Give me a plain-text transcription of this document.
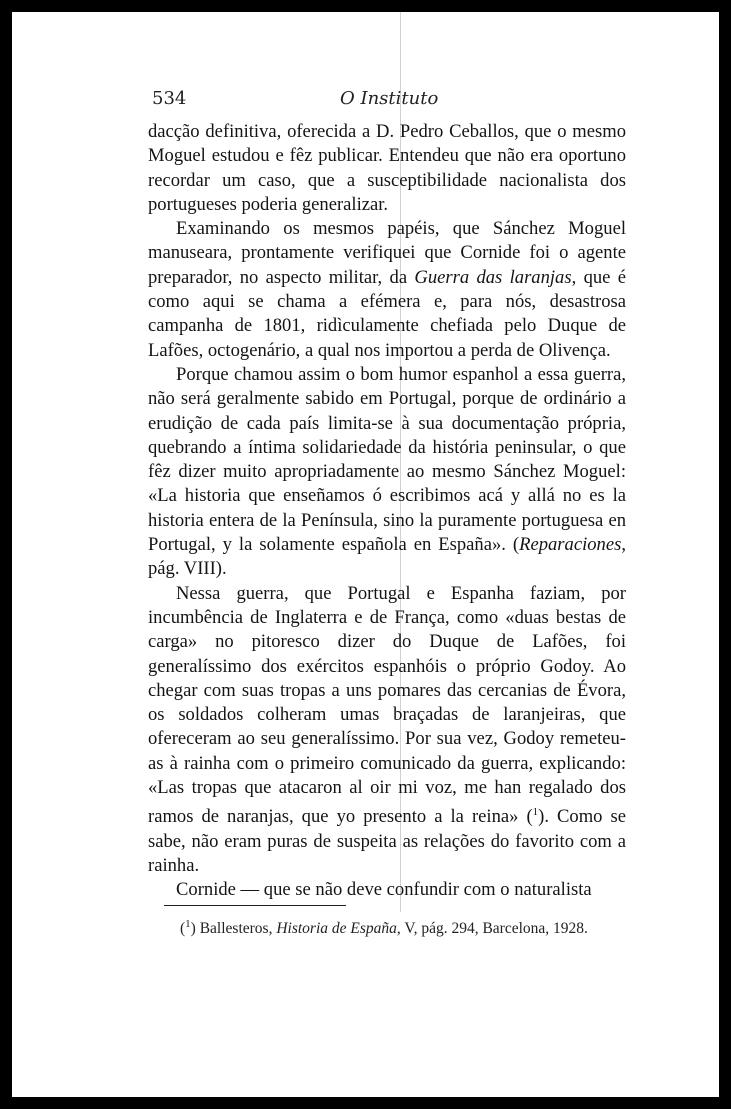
534	O Instituto

dacção definitiva, oferecida a D. Pedro Ceballos, que o mesmo Moguel estudou e fêz publicar. Entendeu que não era oportuno recordar um caso, que a susceptibilidade nacionalista dos portugueses poderia generalizar.

Examinando os mesmos papéis, que Sánchez Moguel manuseara, prontamente verifiquei que Cornide foi o agente preparador, no aspecto militar, da Guerra das laranjas, que é como aqui se chama a efémera e, para nós, desastrosa campanha de 1801, ridìculamente chefiada pelo Duque de Lafões, octogenário, a qual nos importou a perda de Olivença.

Porque chamou assim o bom humor espanhol a essa guerra, não será geralmente sabido em Portugal, porque de ordinário a erudição de cada país limita-se à sua documentação própria, quebrando a íntima solidariedade da história peninsular, o que fêz dizer muito apropriadamente ao mesmo Sánchez Moguel: «La historia que enseñamos ó escribimos acá y allá no es la historia entera de la Península, sino la puramente portuguesa en Portugal, y la solamente española en España». (Reparaciones, pág. VIII).

Nessa guerra, que Portugal e Espanha faziam, por incumbência de Inglaterra e de França, como «duas bestas de carga» no pitoresco dizer do Duque de Lafões, foi generalíssimo dos exércitos espanhóis o próprio Godoy. Ao chegar com suas tropas a uns pomares das cercanias de Évora, os soldados colheram umas braçadas de laranjeiras, que ofereceram ao seu generalíssimo. Por sua vez, Godoy remeteu-as à rainha com o primeiro comunicado da guerra, explicando: «Las tropas que atacaron al oir mi voz, me han regalado dos ramos de naranjas, que yo presento a la reina» ($^1$). Como se sabe, não eram puras de suspeita as relações do favorito com a rainha.

Cornide — que se não deve confundir com o naturalista

($^1$) Ballesteros, Historia de España, V, pág. 294, Barcelona, 1928.
